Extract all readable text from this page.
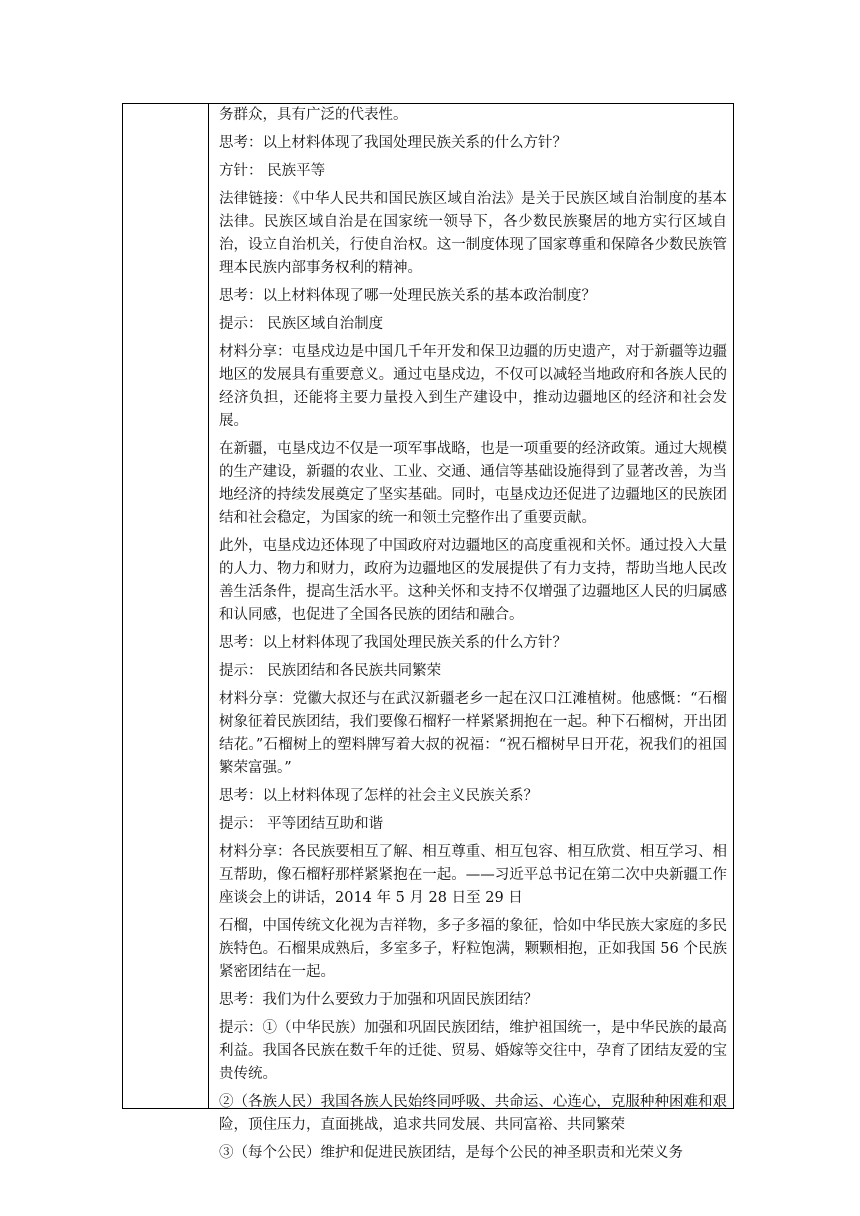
务群众，具有广泛的代表性。

思考：以上材料体现了我国处理民族关系的什么方针？

方针： 民族平等

法律链接：《中华人民共和国民族区域自治法》是关于民族区域自治制度的基本法律。民族区域自治是在国家统一领导下，各少数民族聚居的地方实行区域自治，设立自治机关，行使自治权。这一制度体现了国家尊重和保障各少数民族管理本民族内部事务权利的精神。

思考：以上材料体现了哪一处理民族关系的基本政治制度？

提示： 民族区域自治制度

材料分享：屯垦戍边是中国几千年开发和保卫边疆的历史遗产，对于新疆等边疆地区的发展具有重要意义。通过屯垦戍边，不仅可以减轻当地政府和各族人民的经济负担，还能将主要力量投入到生产建设中，推动边疆地区的经济和社会发展。

在新疆，屯垦戍边不仅是一项军事战略，也是一项重要的经济政策。通过大规模的生产建设，新疆的农业、工业、交通、通信等基础设施得到了显著改善，为当地经济的持续发展奠定了坚实基础。同时，屯垦戍边还促进了边疆地区的民族团结和社会稳定，为国家的统一和领土完整作出了重要贡献。

此外，屯垦戍边还体现了中国政府对边疆地区的高度重视和关怀。通过投入大量的人力、物力和财力，政府为边疆地区的发展提供了有力支持，帮助当地人民改善生活条件，提高生活水平。这种关怀和支持不仅增强了边疆地区人民的归属感和认同感，也促进了全国各民族的团结和融合。

思考：以上材料体现了我国处理民族关系的什么方针？

提示： 民族团结和各民族共同繁荣

材料分享：党徽大叔还与在武汉新疆老乡一起在汉口江滩植树。他感慨：“石榴树象征着民族团结，我们要像石榴籽一样紧紧拥抱在一起。种下石榴树，开出团结花。”石榴树上的塑料牌写着大叔的祝福：“祝石榴树早日开花，祝我们的祖国繁荣富强。”

思考：以上材料体现了怎样的社会主义民族关系？

提示： 平等团结互助和谐

材料分享：各民族要相互了解、相互尊重、相互包容、相互欣赏、相互学习、相互帮助，像石榴籽那样紧紧抱在一起。——习近平总书记在第二次中央新疆工作座谈会上的讲话，2014 年 5 月 28 日至 29 日

石榴，中国传统文化视为吉祥物，多子多福的象征，恰如中华民族大家庭的多民族特色。石榴果成熟后，多室多子，籽粒饱满，颗颗相抱，正如我国 56 个民族紧密团结在一起。

思考：我们为什么要致力于加强和巩固民族团结？

提示：①（中华民族）加强和巩固民族团结，维护祖国统一，是中华民族的最高利益。我国各民族在数千年的迁徙、贸易、婚嫁等交往中，孕育了团结友爱的宝贵传统。

②（各族人民）我国各族人民始终同呼吸、共命运、心连心，克服种种困难和艰险，顶住压力，直面挑战，追求共同发展、共同富裕、共同繁荣

③（每个公民）维护和促进民族团结，是每个公民的神圣职责和光荣义务
